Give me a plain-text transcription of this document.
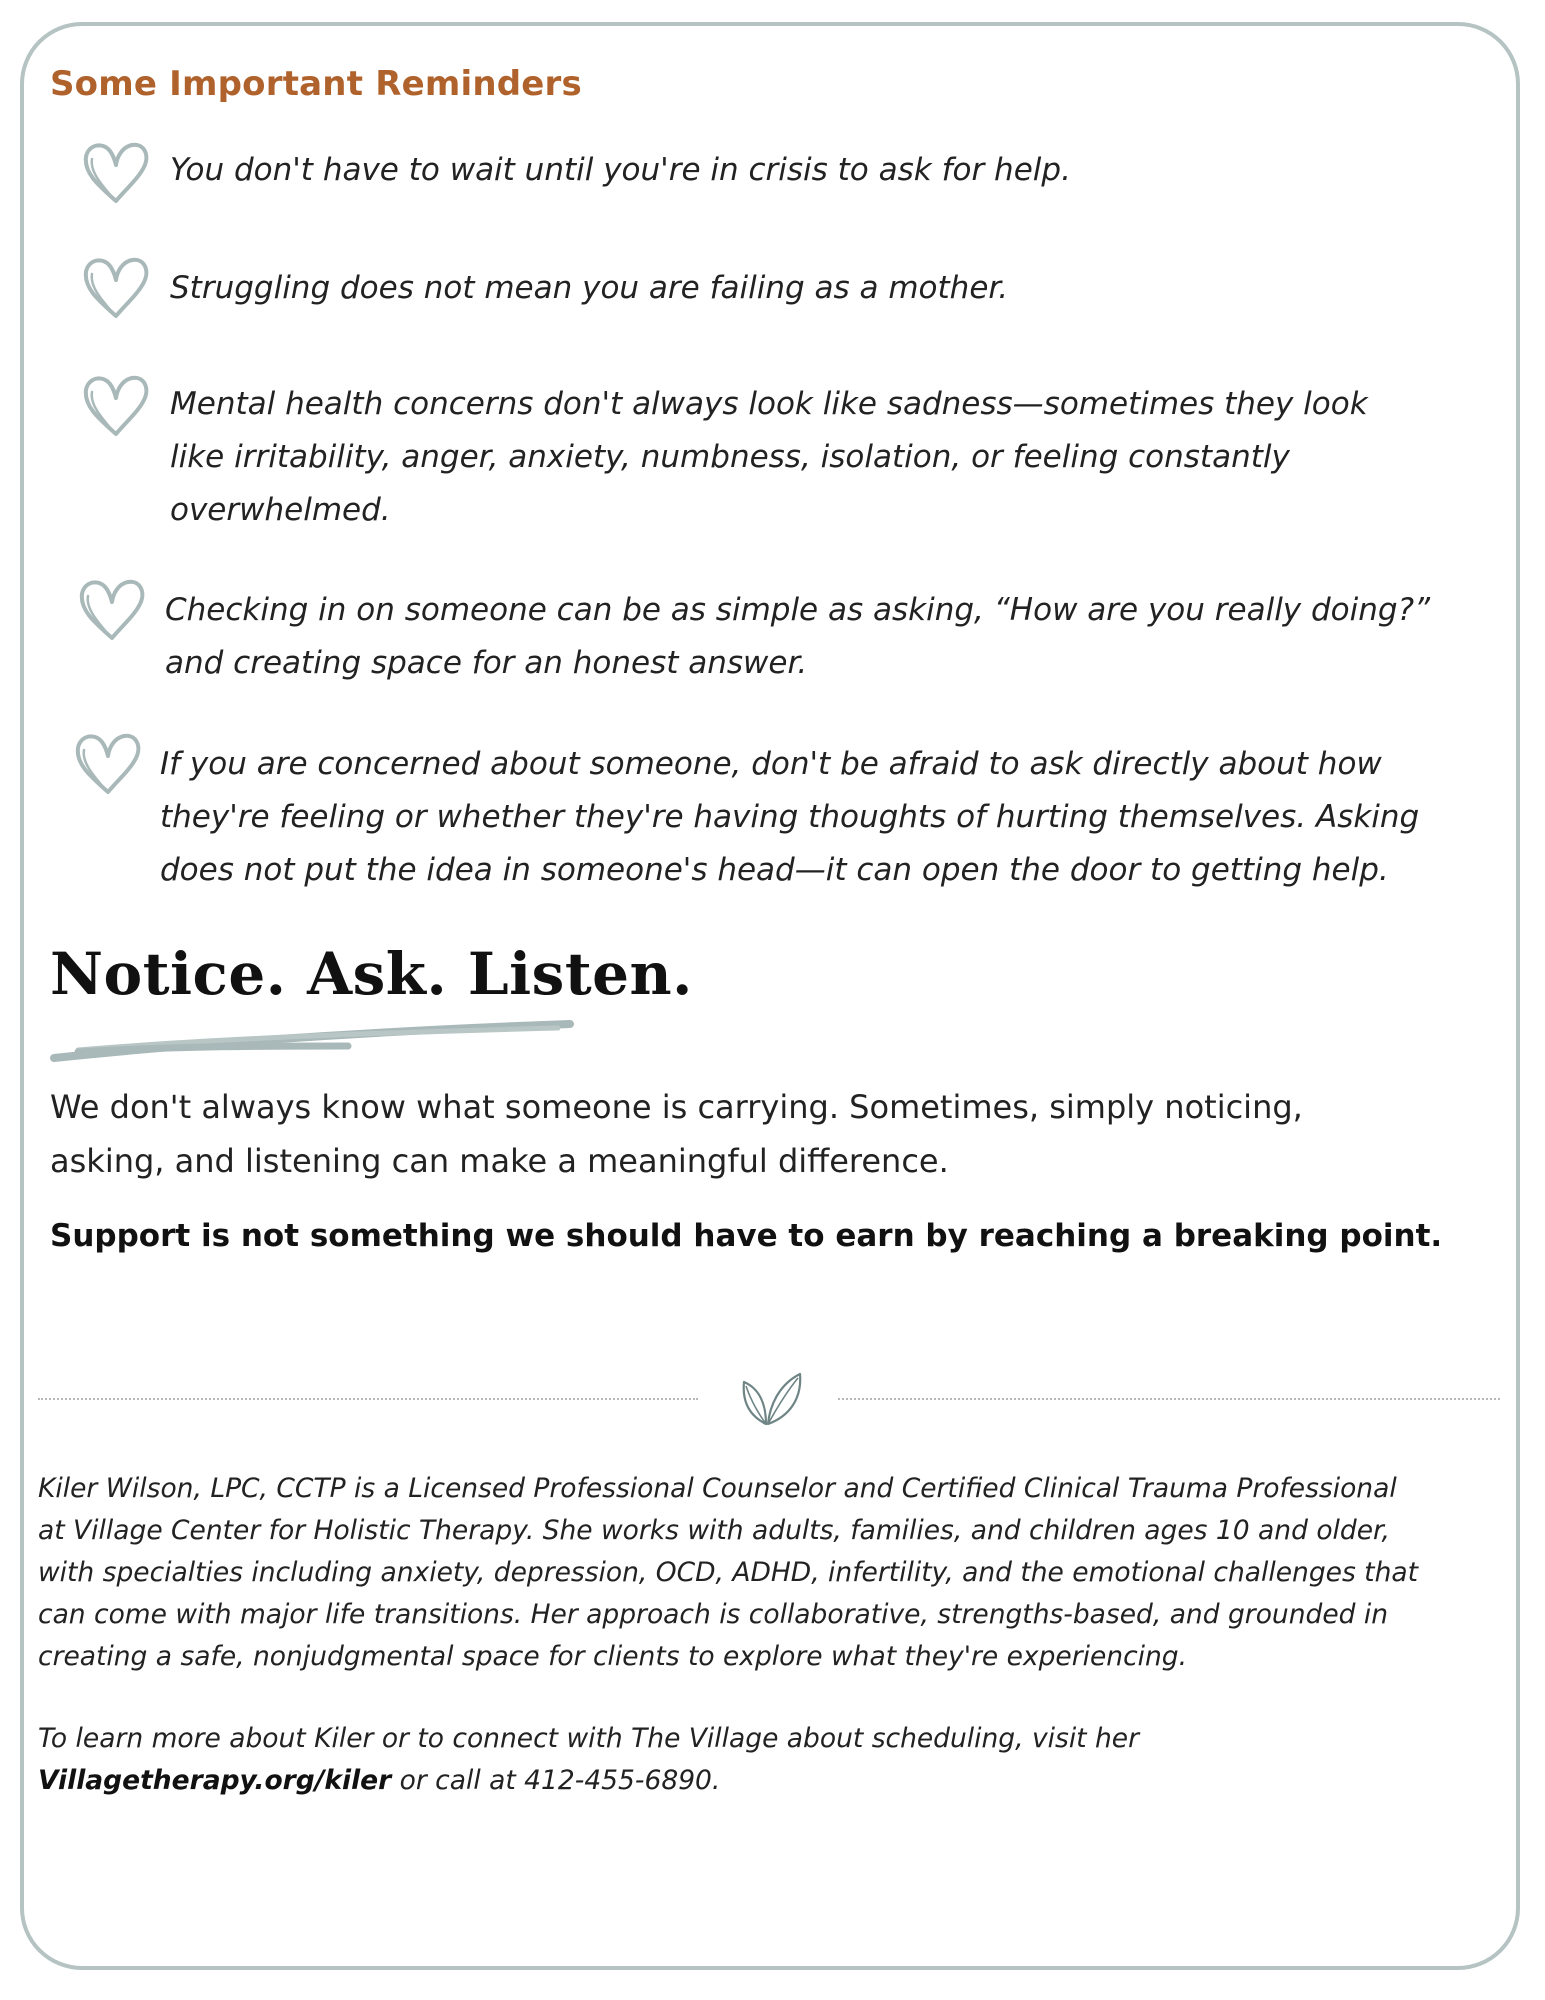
Some Important Reminders
You don't have to wait until you're in crisis to ask for help.
Struggling does not mean you are failing as a mother.
Mental health concerns don't always look like sadness—sometimes they look
like irritability, anger, anxiety, numbness, isolation, or feeling constantly
overwhelmed.
Checking in on someone can be as simple as asking, “How are you really doing?”
and creating space for an honest answer.
If you are concerned about someone, don't be afraid to ask directly about how
they're feeling or whether they're having thoughts of hurting themselves. Asking
does not put the idea in someone's head—it can open the door to getting help.
Notice. Ask. Listen.
We don't always know what someone is carrying. Sometimes, simply noticing,
asking, and listening can make a meaningful difference.
Support is not something we should have to earn by reaching a breaking point.
Kiler Wilson, LPC, CCTP is a Licensed Professional Counselor and Certified Clinical Trauma Professional
at Village Center for Holistic Therapy. She works with adults, families, and children ages 10 and older,
with specialties including anxiety, depression, OCD, ADHD, infertility, and the emotional challenges that
can come with major life transitions. Her approach is collaborative, strengths-based, and grounded in
creating a safe, nonjudgmental space for clients to explore what they're experiencing.
To learn more about Kiler or to connect with The Village about scheduling, visit her
Villagetherapy.org/kiler or call at 412-455-6890.
